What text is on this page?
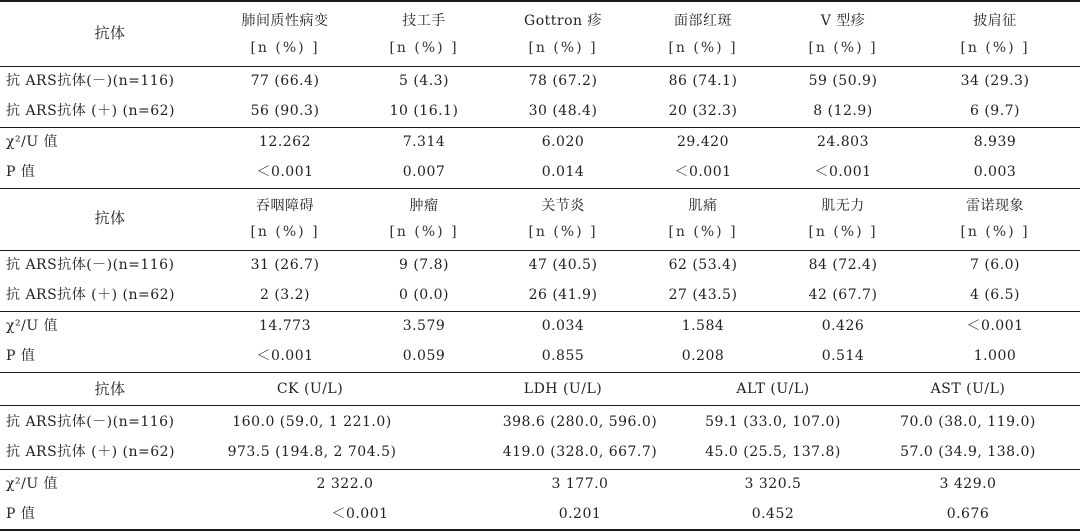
抗体
肺间质性病变	技工手	Gottron 疹	面部红斑	V 型疹	披肩征
[n (%) ]	[n (%) ]	[n (%) ]	[n (%) ]	[n (%) ]	[n (%) ]
抗 ARS抗体(－)(n=116)	77 (66.4)	5 (4.3)	78 (67.2)	86 (74.1)	59 (50.9)	34 (29.3)
抗 ARS抗体 (＋) (n=62)	56 (90.3)	10 (16.1)	30 (48.4)	20 (32.3)	8 (12.9)	6 (9.7)
χ²/U 值	12.262	7.314	6.020	29.420	24.803	8.939
P 值	＜0.001	0.007	0.014	＜0.001	＜0.001	0.003
抗体
吞咽障碍	肿瘤	关节炎	肌痛	肌无力	雷诺现象
[n (%) ]	[n (%) ]	[n (%) ]	[n (%) ]	[n (%) ]	[n (%) ]
抗 ARS抗体(－)(n=116)	31 (26.7)	9 (7.8)	47 (40.5)	62 (53.4)	84 (72.4)	7 (6.0)
抗 ARS抗体 (＋) (n=62)	2 (3.2)	0 (0.0)	26 (41.9)	27 (43.5)	42 (67.7)	4 (6.5)
χ²/U 值	14.773	3.579	0.034	1.584	0.426	＜0.001
P 值	＜0.001	0.059	0.855	0.208	0.514	1.000
抗体	CK (U/L)	LDH (U/L)	ALT (U/L)	AST (U/L)
抗 ARS抗体(－)(n=116)	160.0 (59.0, 1 221.0)	398.6 (280.0, 596.0)	59.1 (33.0, 107.0)	70.0 (38.0, 119.0)
抗 ARS抗体 (＋) (n=62)	973.5 (194.8, 2 704.5)	419.0 (328.0, 667.7)	45.0 (25.5, 137.8)	57.0 (34.9, 138.0)
χ²/U 值	2 322.0	3 177.0	3 320.5	3 429.0
P 值	＜0.001	0.201	0.452	0.676
